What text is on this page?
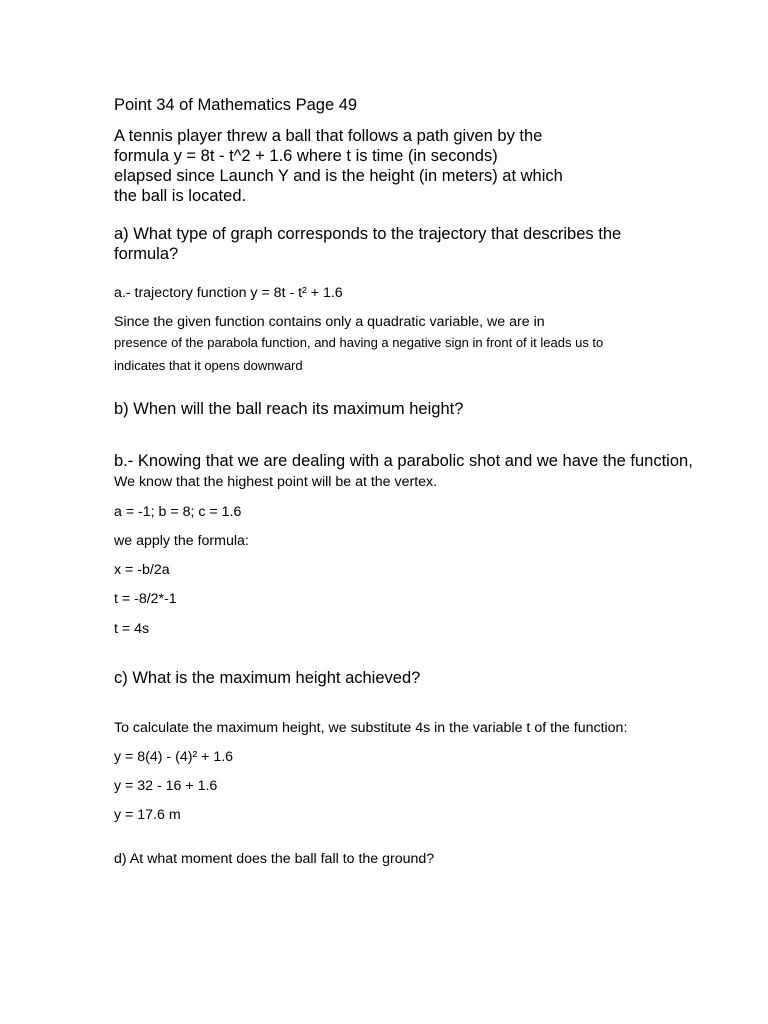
Point 34 of Mathematics Page 49

A tennis player threw a ball that follows a path given by the

formula y = 8t - t^2 + 1.6 where t is time (in seconds)

elapsed since Launch Y and is the height (in meters) at which

the ball is located.

a) What type of graph corresponds to the trajectory that describes the

formula?

a.- trajectory function y = 8t - t² + 1.6

Since the given function contains only a quadratic variable, we are in

presence of the parabola function, and having a negative sign in front of it leads us to

indicates that it opens downward

b) When will the ball reach its maximum height?

b.- Knowing that we are dealing with a parabolic shot and we have the function,

We know that the highest point will be at the vertex.

a = -1; b = 8; c = 1.6

we apply the formula:

x = -b/2a

t = -8/2*-1

t = 4s

c) What is the maximum height achieved?

To calculate the maximum height, we substitute 4s in the variable t of the function:

y = 8(4) - (4)² + 1.6

y = 32 - 16 + 1.6

y = 17.6 m

d) At what moment does the ball fall to the ground?
